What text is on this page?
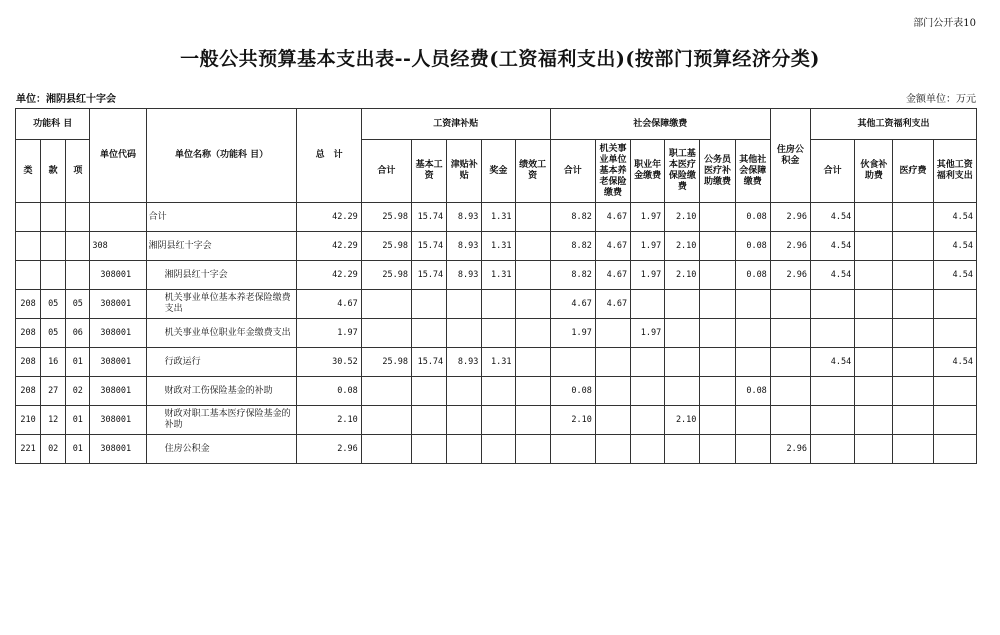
部门公开表10
一般公共预算基本支出表--人员经费(工资福利支出)(按部门预算经济分类)
单位：湘阴县红十字会	金额单位：万元
功能科 目			单位代码	单位名称（功能科 目）	总　计	工资津补贴					社会保障缴费						住房公积金	其他工资福利支出			
类	款	项				合计	基本工资	津贴补贴	奖金	绩效工资	合计	机关事业单位基本养老保险缴费	职业年金缴费	职工基本医疗保险缴费	公务员医疗补助缴费	其他社会保障缴费		合计	伙食补助费	医疗费	其他工资福利支出
				合计	42.29	25.98	15.74	8.93	1.31		8.82	4.67	1.97	2.10		0.08	2.96	4.54			4.54
			308	湘阴县红十字会	42.29	25.98	15.74	8.93	1.31		8.82	4.67	1.97	2.10		0.08	2.96	4.54			4.54
			308001	湘阴县红十字会	42.29	25.98	15.74	8.93	1.31		8.82	4.67	1.97	2.10		0.08	2.96	4.54			4.54
208	05	05	308001	机关事业单位基本养老保险缴费支出	4.67						4.67	4.67									
208	05	06	308001	机关事业单位职业年金缴费支出	1.97						1.97		1.97								
208	16	01	308001	行政运行	30.52	25.98	15.74	8.93	1.31									4.54			4.54
208	27	02	308001	财政对工伤保险基金的补助	0.08						0.08					0.08					
210	12	01	308001	财政对职工基本医疗保险基金的补助	2.10						2.10			2.10							
221	02	01	308001	住房公积金	2.96												2.96				
